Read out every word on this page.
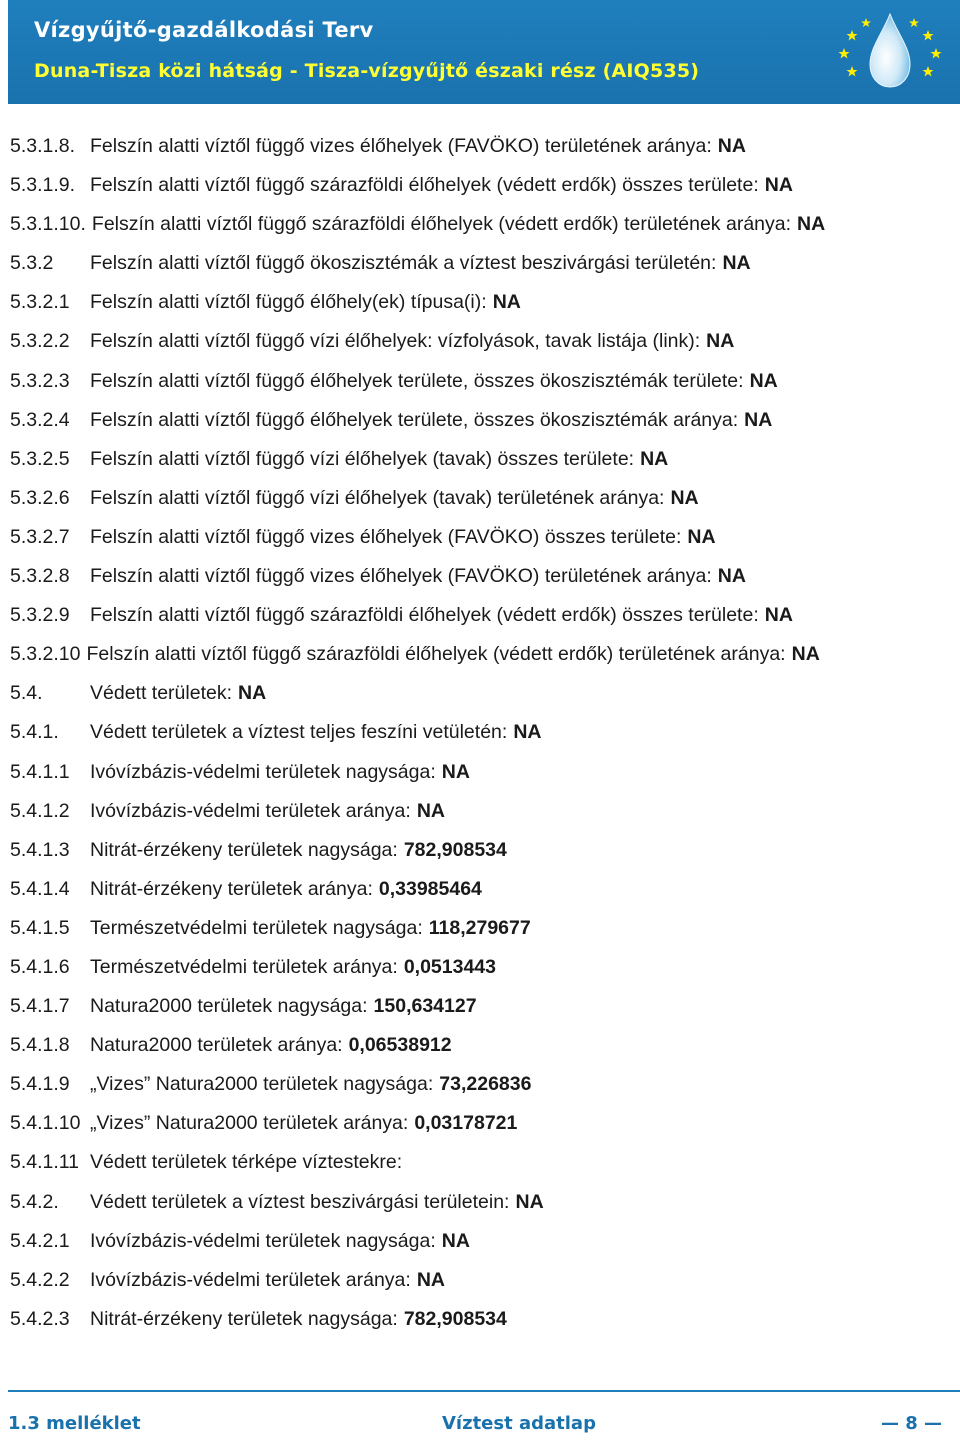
Vízgyűjtő-gazdálkodási Terv
Duna-Tisza közi hátság - Tisza-vízgyűjtő északi rész (AIQ535)
5.3.1.8. Felszín alatti víztől függő vizes élőhelyek (FAVÖKO) területének aránya: NA
5.3.1.9. Felszín alatti víztől függő szárazföldi élőhelyek (védett erdők) összes területe: NA
5.3.1.10. Felszín alatti víztől függő szárazföldi élőhelyek (védett erdők) területének aránya: NA
5.3.2	Felszín alatti víztől függő ökoszisztémák a víztest beszivárgási területén: NA
5.3.2.1	Felszín alatti víztől függő élőhely(ek) típusa(i): NA
5.3.2.2	Felszín alatti víztől függő vízi élőhelyek: vízfolyások, tavak listája (link): NA
5.3.2.3	Felszín alatti víztől függő élőhelyek területe, összes ökoszisztémák területe: NA
5.3.2.4	Felszín alatti víztől függő élőhelyek területe, összes ökoszisztémák aránya: NA
5.3.2.5	Felszín alatti víztől függő vízi élőhelyek (tavak) összes területe: NA
5.3.2.6	Felszín alatti víztől függő vízi élőhelyek (tavak) területének aránya: NA
5.3.2.7	Felszín alatti víztől függő vizes élőhelyek (FAVÖKO) összes területe: NA
5.3.2.8	Felszín alatti víztől függő vizes élőhelyek (FAVÖKO) területének aránya: NA
5.3.2.9	Felszín alatti víztől függő szárazföldi élőhelyek (védett erdők) összes területe: NA
5.3.2.10 Felszín alatti víztől függő szárazföldi élőhelyek (védett erdők) területének aránya: NA
5.4.	Védett területek: NA
5.4.1.	Védett területek a víztest teljes feszíni vetületén: NA
5.4.1.1	Ivóvízbázis-védelmi területek nagysága: NA
5.4.1.2	Ivóvízbázis-védelmi területek aránya: NA
5.4.1.3	Nitrát-érzékeny területek nagysága: 782,908534
5.4.1.4	Nitrát-érzékeny területek aránya: 0,33985464
5.4.1.5	Természetvédelmi területek nagysága: 118,279677
5.4.1.6	Természetvédelmi területek aránya: 0,0513443
5.4.1.7	Natura2000 területek nagysága: 150,634127
5.4.1.8	Natura2000 területek aránya: 0,06538912
5.4.1.9	„Vizes” Natura2000 területek nagysága: 73,226836
5.4.1.10 „Vizes” Natura2000 területek aránya: 0,03178721
5.4.1.11 Védett területek térképe víztestekre:
5.4.2.	Védett területek a víztest beszivárgási területein: NA
5.4.2.1	Ivóvízbázis-védelmi területek nagysága: NA
5.4.2.2	Ivóvízbázis-védelmi területek aránya: NA
5.4.2.3	Nitrát-érzékeny területek nagysága: 782,908534
1.3 melléklet	Víztest adatlap	— 8 —
